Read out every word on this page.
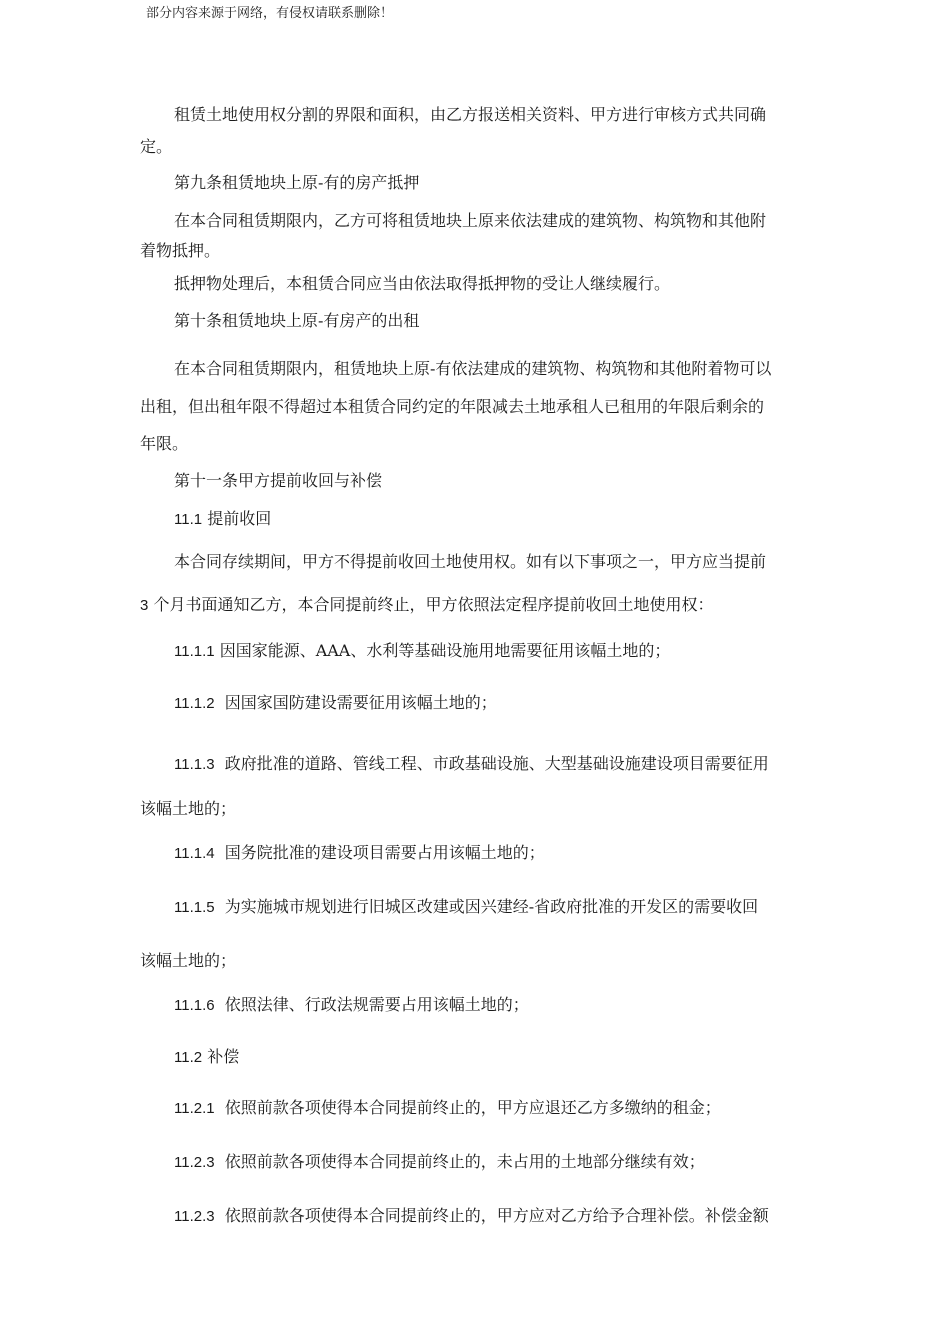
部分内容来源于网络，有侵权请联系删除！
租赁土地使用权分割的界限和面积，由乙方报送相关资料、甲方进行审核方式共同确
定。
第九条租赁地块上原-有的房产抵押
在本合同租赁期限内，乙方可将租赁地块上原来依法建成的建筑物、构筑物和其他附
着物抵押。
抵押物处理后，本租赁合同应当由依法取得抵押物的受让人继续履行。
第十条租赁地块上原-有房产的出租
在本合同租赁期限内，租赁地块上原-有依法建成的建筑物、构筑物和其他附着物可以
出租，但出租年限不得超过本租赁合同约定的年限减去土地承租人已租用的年限后剩余的
年限。
第十一条甲方提前收回与补偿
11.1 提前收回
本合同存续期间，甲方不得提前收回土地使用权。如有以下事项之一，甲方应当提前
3 个月书面通知乙方，本合同提前终止，甲方依照法定程序提前收回土地使用权：
11.1.1 因国家能源、AAA、水利等基础设施用地需要征用该幅土地的；
11.1.2 因国家国防建设需要征用该幅土地的；
11.1.3 政府批准的道路、管线工程、市政基础设施、大型基础设施建设项目需要征用
该幅土地的；
11.1.4 国务院批准的建设项目需要占用该幅土地的；
11.1.5 为实施城市规划进行旧城区改建或因兴建经-省政府批准的开发区的需要收回
该幅土地的；
11.1.6 依照法律、行政法规需要占用该幅土地的；
11.2 补偿
11.2.1 依照前款各项使得本合同提前终止的，甲方应退还乙方多缴纳的租金；
11.2.3 依照前款各项使得本合同提前终止的，未占用的土地部分继续有效；
11.2.3 依照前款各项使得本合同提前终止的，甲方应对乙方给予合理补偿。补偿金额
